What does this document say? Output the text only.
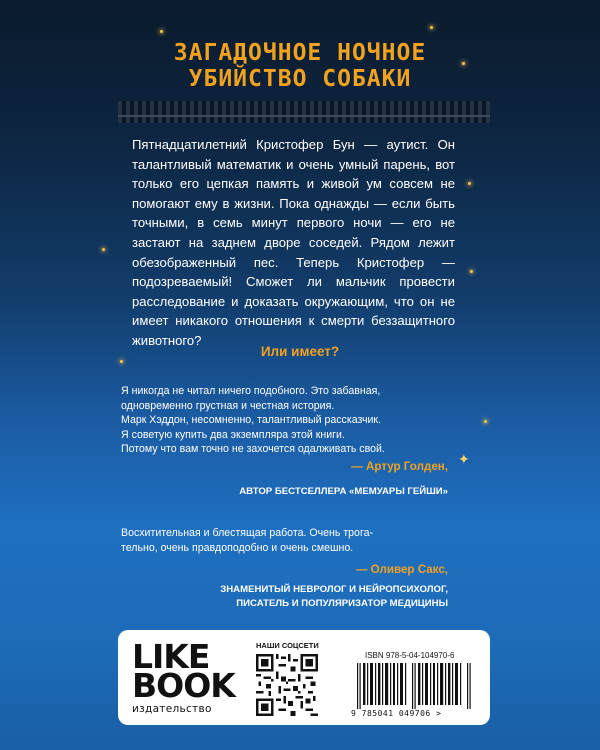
✦
ЗАГАДОЧНОЕ НОЧНОЕ
УБИЙСТВО СОБАКИ
Пятнадцатилетний Кристофер Бун — аутист. Он талантливый математик и очень умный парень, вот только его цепкая память и живой ум совсем не помогают ему в жизни. Пока однажды — если быть точными, в семь минут первого ночи — его не застают на заднем дворе соседей. Рядом лежит обезображенный пес. Теперь Кристофер — подозреваемый! Сможет ли мальчик провести расследование и доказать окружающим, что он не имеет никакого отношения к смерти беззащитного животного?
Или имеет?
Я никогда не читал ничего подобного. Это забавная,
одновременно грустная и честная история.
Марк Хэддон, несомненно, талантливый рассказчик.
Я советую купить два экземпляра этой книги.
Потому что вам точно не захочется одалживать свой.
— Артур Голден,
АВТОР БЕСТСЕЛЛЕРА «МЕМУАРЫ ГЕЙШИ»
Восхитительная и блестящая работа. Очень трога-
тельно, очень правдоподобно и очень смешно.
— Оливер Сакс,
ЗНАМЕНИТЫЙ НЕВРОЛОГ И НЕЙРОПСИХОЛОГ,
ПИСАТЕЛЬ И ПОПУЛЯРИЗАТОР МЕДИЦИНЫ
LIKE
BOOK
издательство
НАШИ СОЦСЕТИ
ISBN 978-5-04-104970-6
9 785041 049706 >
